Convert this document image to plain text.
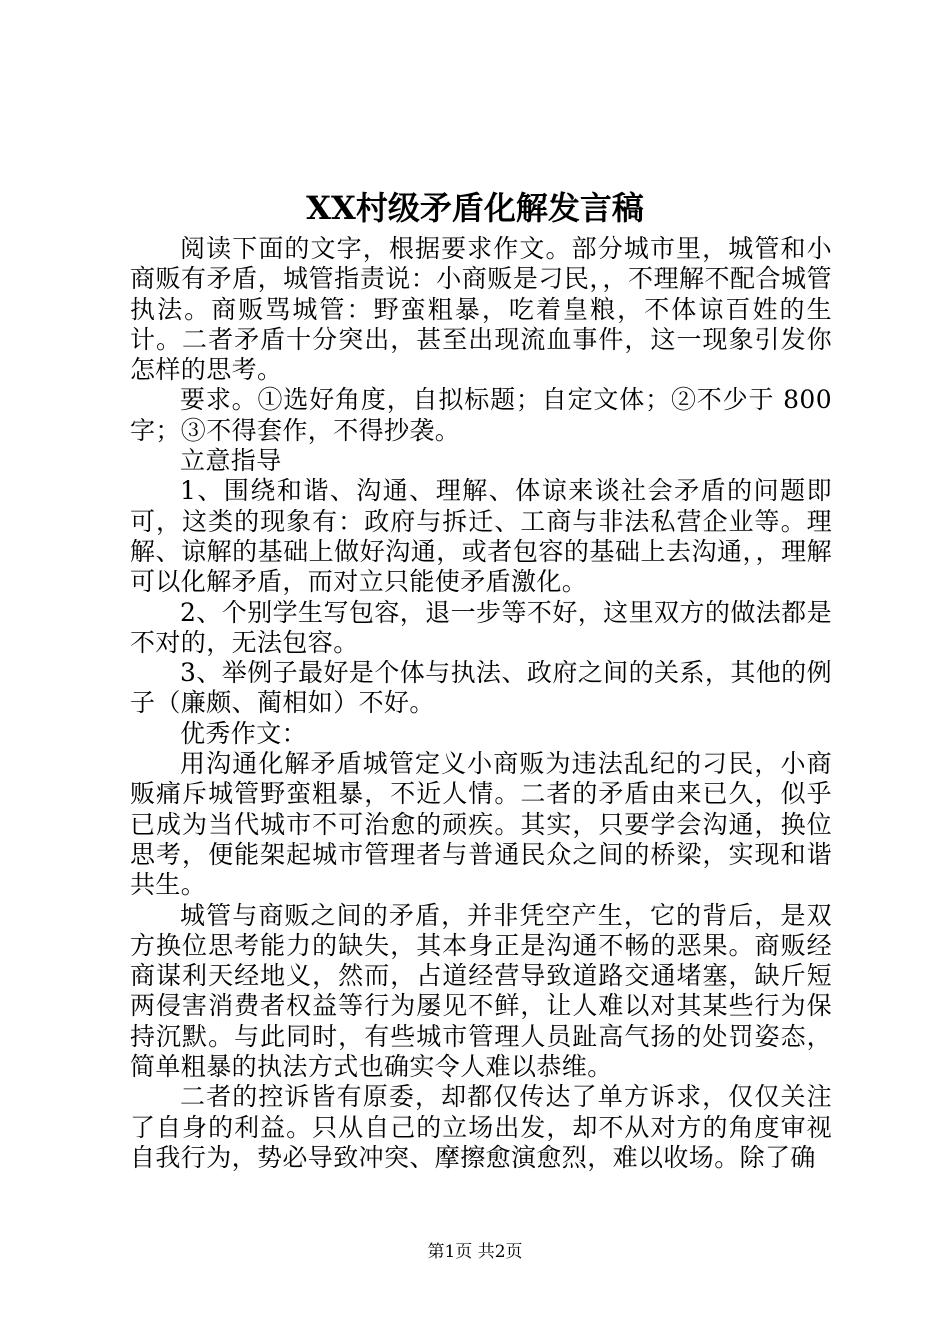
XX村级矛盾化解发言稿

阅读下面的文字，根据要求作文。部分城市里，城管和小商贩有矛盾，城管指责说：小商贩是刁民，，不理解不配合城管执法。商贩骂城管：野蛮粗暴，吃着皇粮，不体谅百姓的生计。二者矛盾十分突出，甚至出现流血事件，这一现象引发你怎样的思考。

要求。①选好角度，自拟标题；自定文体；②不少于 800 字；③不得套作，不得抄袭。

立意指导

1、围绕和谐、沟通、理解、体谅来谈社会矛盾的问题即可，这类的现象有：政府与拆迁、工商与非法私营企业等。理解、谅解的基础上做好沟通，或者包容的基础上去沟通，，理解可以化解矛盾，而对立只能使矛盾激化。

2、个别学生写包容，退一步等不好，这里双方的做法都是不对的，无法包容。

3、举例子最好是个体与执法、政府之间的关系，其他的例子（廉颇、蔺相如）不好。

优秀作文：

用沟通化解矛盾城管定义小商贩为违法乱纪的刁民，小商贩痛斥城管野蛮粗暴，不近人情。二者的矛盾由来已久，似乎已成为当代城市不可治愈的顽疾。其实，只要学会沟通，换位思考，便能架起城市管理者与普通民众之间的桥梁，实现和谐共生。

城管与商贩之间的矛盾，并非凭空产生，它的背后，是双方换位思考能力的缺失，其本身正是沟通不畅的恶果。商贩经商谋利天经地义，然而，占道经营导致道路交通堵塞，缺斤短两侵害消费者权益等行为屡见不鲜，让人难以对其某些行为保持沉默。与此同时，有些城市管理人员趾高气扬的处罚姿态，简单粗暴的执法方式也确实令人难以恭维。

二者的控诉皆有原委，却都仅传达了单方诉求，仅仅关注了自身的利益。只从自己的立场出发，却不从对方的角度审视自我行为，势必导致冲突、摩擦愈演愈烈，难以收场。除了确

第1页 共2页
